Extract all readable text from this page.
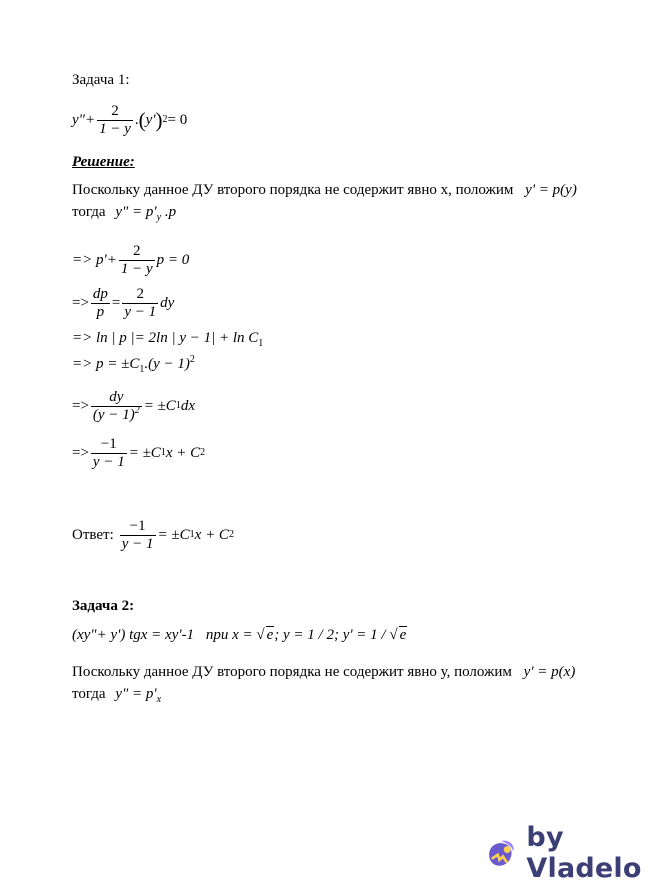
Задача 1:
y"+ $\frac{2}{1 - y}$ . ( y' ) 2 = 0
Решение:
Поскольку данное ДУ второго порядка не содержит явно х, положим y' = p(y)
тогда y" = $p'_y$ .p
=> $p'+ \frac{2}{1 - y}$ p = 0
=> $\frac{dp}{p} = \frac{2}{y - 1}$ dy
=> ln | p |= 2ln | $y - 1| + \ln C_1$
=> $p = \pm C_1.(y - 1)^2$
=> $\frac{dy}{(y - 1)^2} = \pm C$ 1 dx
=> $\frac{-1}{y - 1} = \pm C$ 1 x + C 2
Ответ: $\frac{-1}{y - 1} = \pm C$ 1 x + C 2
Задача 2:
(xy"+ y') tgx = xy'-1 при x = √ e; y = 1 / 2; y' = 1 / √ e
Поскольку данное ДУ второго порядка не содержит явно у, положим y' = p(x)
тогда y" = $p'_x$
by Vladelo
